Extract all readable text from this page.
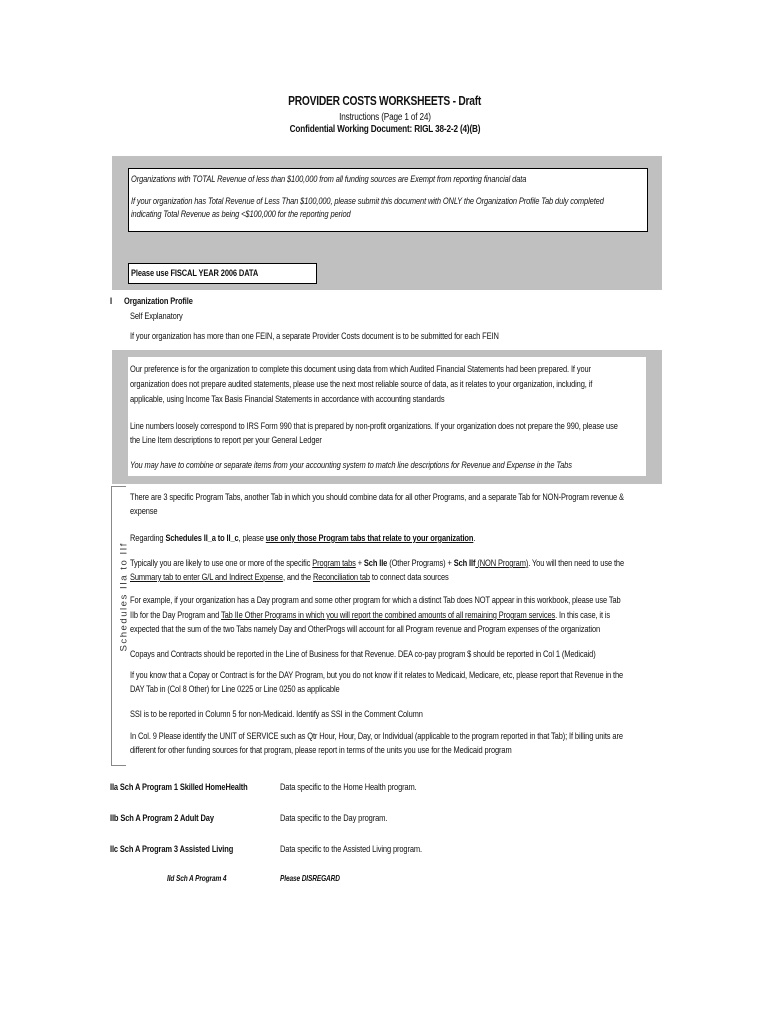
PROVIDER COSTS WORKSHEETS - Draft
Instructions (Page 1 of 24)
Confidential Working Document: RIGL 38-2-2 (4)(B)
Organizations with TOTAL Revenue of less than $100,000 from all funding sources are Exempt from reporting financial data
If your organization has Total Revenue of Less Than $100,000, please submit this document with ONLY the Organization Profile Tab duly completed
indicating Total Revenue as being <$100,000 for the reporting period
Please use FISCAL YEAR 2006 DATA
I Organization Profile
Self Explanatory
If your organization has more than one FEIN, a separate Provider Costs document is to be submitted for each FEIN
Our preference is for the organization to complete this document using data from which Audited Financial Statements had been prepared. If your
organization does not prepare audited statements, please use the next most reliable source of data, as it relates to your organization, including, if
applicable, using Income Tax Basis Financial Statements in accordance with accounting standards
Line numbers loosely correspond to IRS Form 990 that is prepared by non-profit organizations. If your organization does not prepare the 990, please use
the Line Item descriptions to report per your General Ledger
You may have to combine or separate items from your accounting system to match line descriptions for Revenue and Expense in the Tabs
Schedules IIa to IIf
There are 3 specific Program Tabs, another Tab in which you should combine data for all other Programs, and a separate Tab for NON-Program revenue &
expense
Regarding Schedules II_a to II_c, please use only those Program tabs that relate to your organization.
Typically you are likely to use one or more of the specific Program tabs + Sch IIe (Other Programs) + Sch IIf (NON Program). You will then need to use the
Summary tab to enter G/L and Indirect Expense, and the Reconciliation tab to connect data sources
For example, if your organization has a Day program and some other program for which a distinct Tab does NOT appear in this workbook, please use Tab
IIb for the Day Program and Tab IIe Other Programs in which you will report the combined amounts of all remaining Program services. In this case, it is
expected that the sum of the two Tabs namely Day and OtherProgs will account for all Program revenue and Program expenses of the organization
Copays and Contracts should be reported in the Line of Business for that Revenue. DEA co-pay program $ should be reported in Col 1 (Medicaid)
If you know that a Copay or Contract is for the DAY Program, but you do not know if it relates to Medicaid, Medicare, etc, please report that Revenue in the
DAY Tab in (Col 8 Other) for Line 0225 or Line 0250 as applicable
SSI is to be reported in Column 5 for non-Medicaid. Identify as SSI in the Comment Column
In Col. 9 Please identify the UNIT of SERVICE such as Qtr Hour, Hour, Day, or Individual (applicable to the program reported in that Tab); If billing units are
different for other funding sources for that program, please report in terms of the units you use for the Medicaid program
IIa Sch A Program 1 Skilled HomeHealth	Data specific to the Home Health program.
IIb Sch A Program 2 Adult Day	Data specific to the Day program.
IIc Sch A Program 3 Assisted Living	Data specific to the Assisted Living program.
IId Sch A Program 4	Please DISREGARD
